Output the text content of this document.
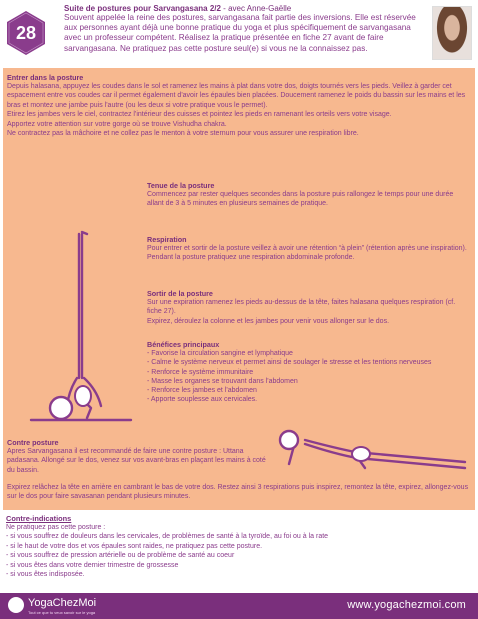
28
Suite de postures pour Sarvangasana 2/2 - avec Anne-Gaëlle
Souvent appelée la reine des postures, sarvangasana fait partie des inversions. Elle est réservée aux personnes ayant déjà une bonne pratique du yoga et plus spécifiquement de sarvangasana avec un professeur compétent. Réalisez la pratique présentée en fiche 27 avant de faire sarvangasana. Ne pratiquez pas cette posture seul(e) si vous ne la connaissez pas.
Entrer dans la posture
Depuis halasana, appuyez les coudes dans le sol et ramenez les mains à plat dans votre dos, doigts tournés vers les pieds. Veillez à garder cet espacement entre vos coudes car il permet également d'avoir les épaules bien placées. Doucement ramenez le poids du bassin sur les mains et les bras et montez une jambe puis l'autre (ou les deux si votre pratique vous le permet).
Etirez les jambes vers le ciel, contractez l'intérieur des cuisses et pointez les pieds en ramenant les orteils vers votre visage.
Apportez votre attention sur votre gorge où se trouve Vishudha chakra.
Ne contractez pas la mâchoire et ne collez pas le menton à votre sternum pour vous assurer une respiration libre.
Tenue de la posture
Commencez par rester quelques secondes dans la posture puis rallongez le temps pour une durée allant de 3 à 5 minutes en plusieurs semaines de pratique.
Respiration
Pour entrer et sortir de la posture veillez à avoir une rétention “à plein” (rétention après une inspiration).
Pendant la posture pratiquez une respiration abdominale profonde.
Sortir de la posture
Sur une expiration ramenez les pieds au-dessus de la tête, faites halasana quelques respiration (cf. fiche 27).
Expirez, déroulez la colonne et les jambes pour venir vous allonger sur le dos.
Bénéfices principaux
- Favorise la circulation sangine et lymphatique
- Calme le système nerveux et permet ainsi de soulager le stresse et les tentions nerveuses
- Renforce le système immunitaire
- Masse les organes se trouvant dans l'abdomen
- Renforce les jambes et l'abdomen
- Apporte souplesse aux cervicales.
Contre posture
Apres Sarvangasana il est recommandé de faire une contre posture : Uttana padasana. Allongé sur le dos, venez sur vos avant-bras en plaçant les mains à coté du bassin.
Expirez relâchez la tête en arrière en cambrant le bas de votre dos. Restez ainsi 3 respirations puis inspirez, remontez la tête, expirez, allongez-vous sur le dos pour faire savasanan pendant plusieurs minutes.
Contre-indications
Ne pratiquez pas cette posture :
- si vous souffrez de douleurs dans les cervicales, de problèmes de santé à la tyroïde, au foi ou à la rate
- si le haut de votre dos et vos épaules sont raides, ne pratiquez pas cette posture.
- si vous souffrez de pression artérielle ou de problème de santé au coeur
- si vous êtes dans votre dernier trimestre de grossesse
- si vous êtes indisposée.
YogaChezMoi
Tout ce que tu veux savoir sur le yoga
www.yogachezmoi.com
